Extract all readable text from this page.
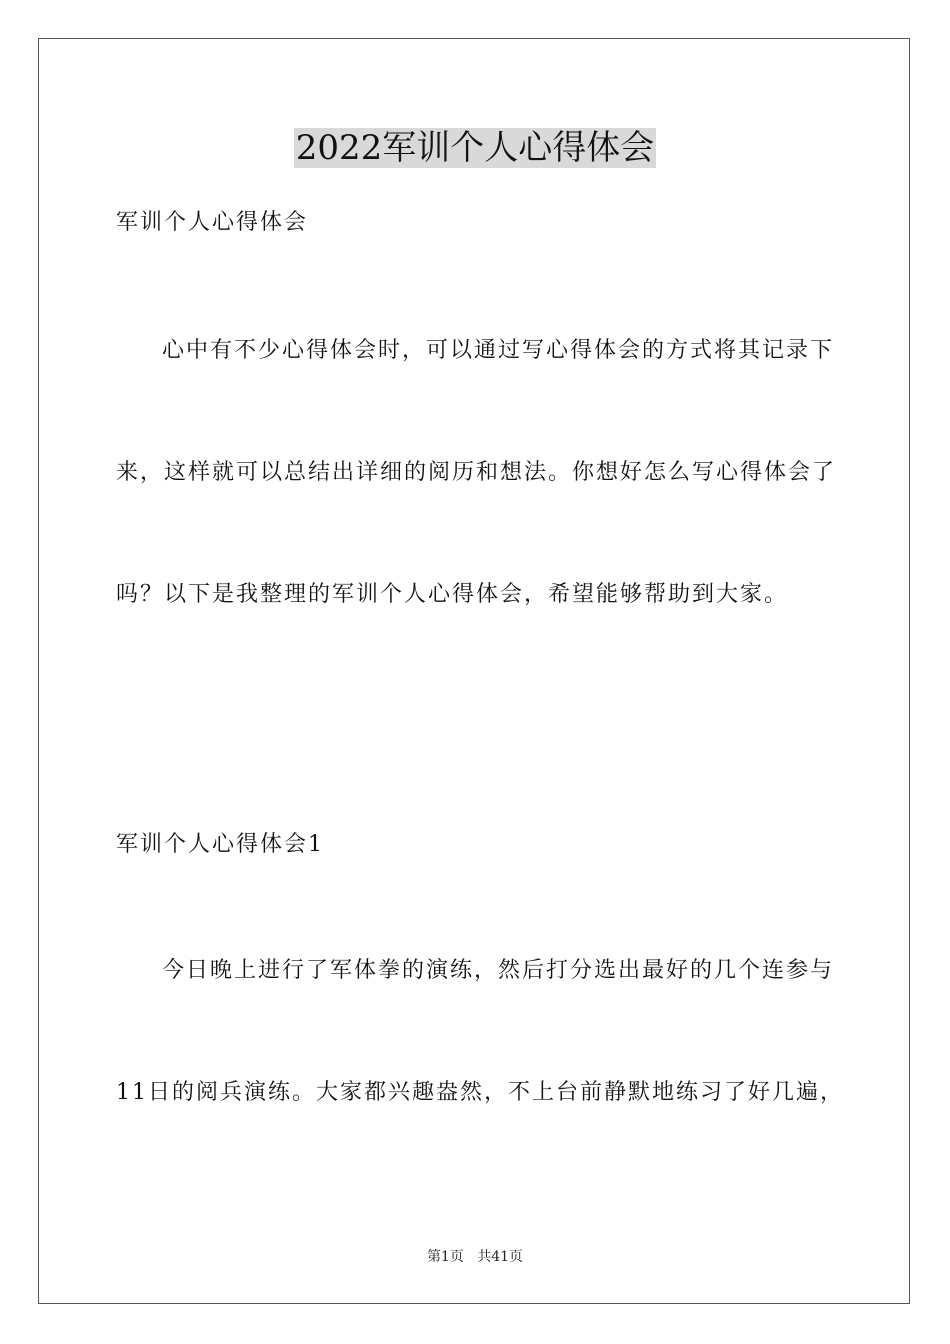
2022军训个人心得体会

军训个人心得体会

心中有不少心得体会时，可以通过写心得体会的方式将其记录下

来，这样就可以总结出详细的阅历和想法。你想好怎么写心得体会了

吗？以下是我整理的军训个人心得体会，希望能够帮助到大家。

军训个人心得体会1

今日晚上进行了军体拳的演练，然后打分选出最好的几个连参与

11日的阅兵演练。大家都兴趣盎然，不上台前静默地练习了好几遍，

第1页 共41页
